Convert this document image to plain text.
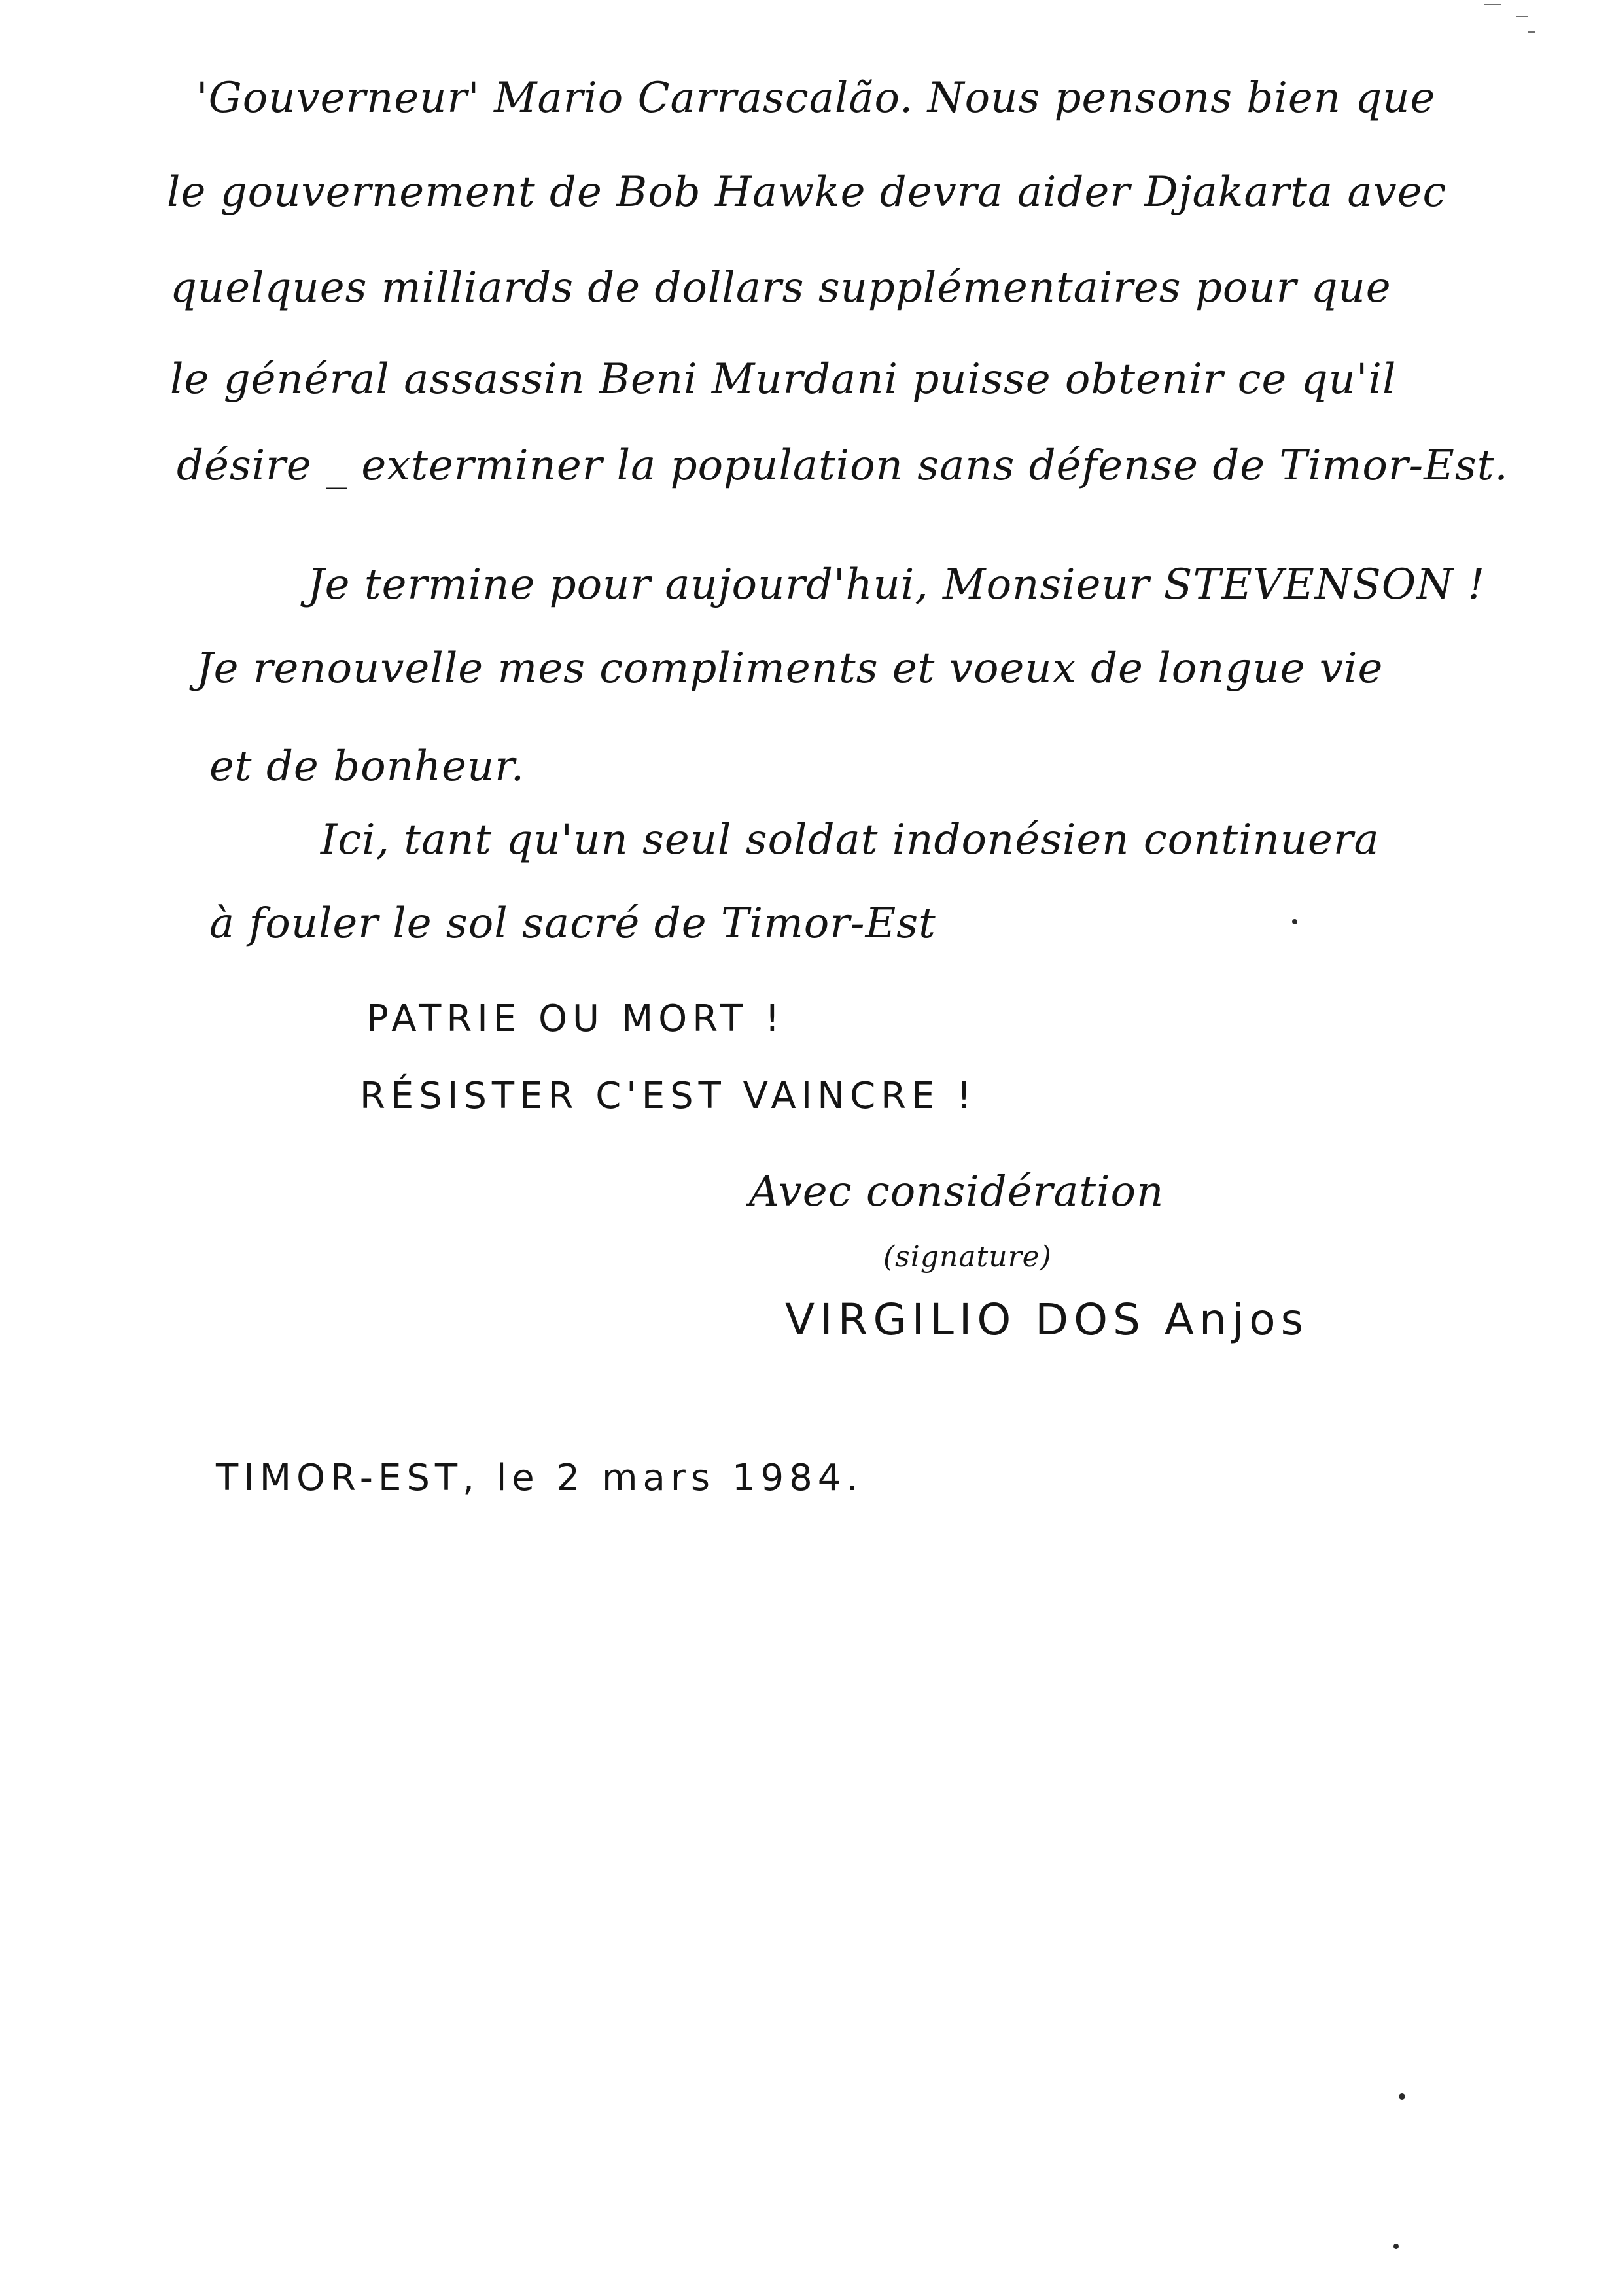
'Gouverneur' Mario Carrascalão. Nous pensons bien que
le gouvernement de Bob Hawke devra aider Djakarta avec
quelques milliards de dollars supplémentaires pour que
le général assassin Beni Murdani puisse obtenir ce qu'il
désire _ exterminer la population sans défense de Timor-Est.
Je termine pour aujourd'hui, Monsieur STEVENSON !
Je renouvelle mes compliments et voeux de longue vie
et de bonheur.
Ici, tant qu'un seul soldat indonésien continuera
à fouler le sol sacré de Timor-Est
PATRIE OU MORT !
RÉSISTER C'EST VAINCRE !
Avec considération
(signature)
VIRGILIO DOS Anjos
TIMOR-EST, le 2 mars 1984.
